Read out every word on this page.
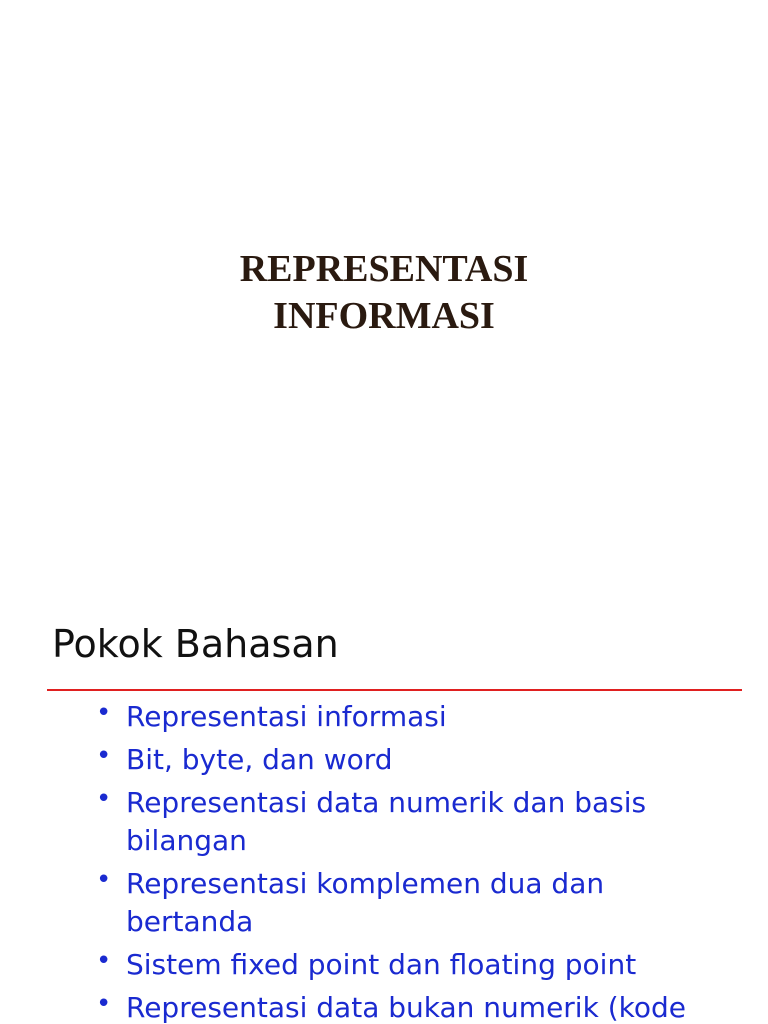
REPRESENTASI
INFORMASI
Pokok Bahasan
• Representasi informasi
• Bit, byte, dan word
• Representasi data numerik dan basis bilangan
• Representasi komplemen dua dan bertanda
• Sistem fixed point dan floating point
• Representasi data bukan numerik (kode
